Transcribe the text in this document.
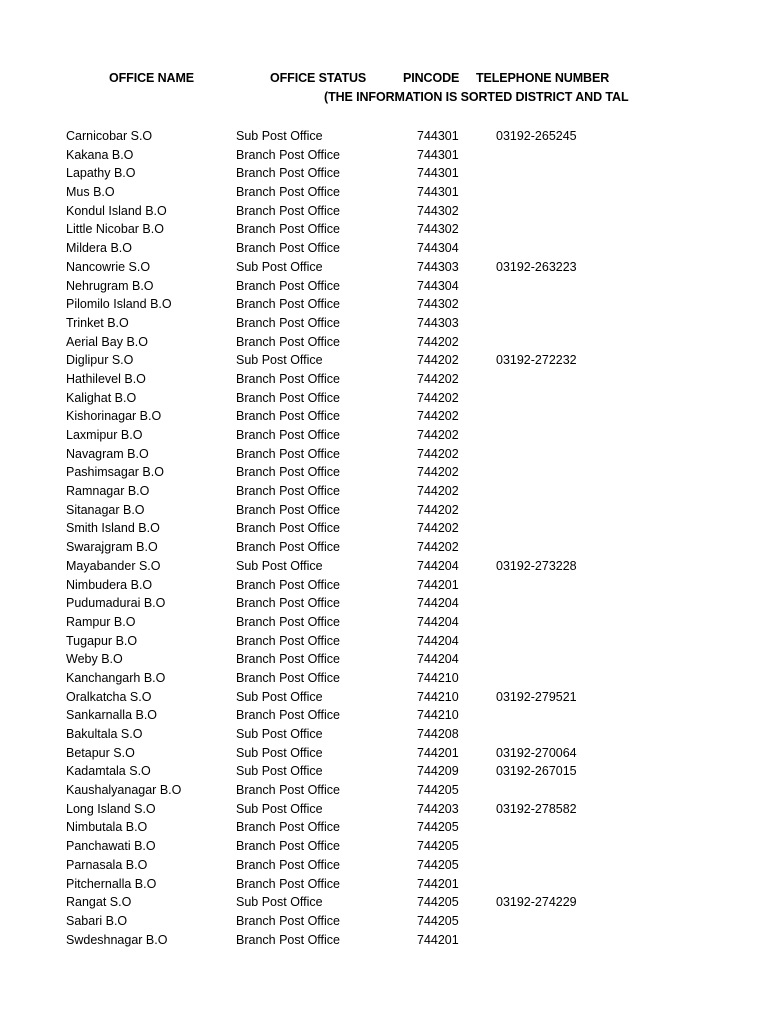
OFFICE NAME	OFFICE STATUS	PINCODE TELEPHONE NUMBER
(THE INFORMATION IS SORTED DISTRICT AND TAL
Carnicobar S.O	Sub Post Office	744301	03192-265245
Kakana B.O	Branch Post Office	744301
Lapathy B.O	Branch Post Office	744301
Mus B.O	Branch Post Office	744301
Kondul Island B.O	Branch Post Office	744302
Little Nicobar B.O	Branch Post Office	744302
Mildera B.O	Branch Post Office	744304
Nancowrie S.O	Sub Post Office	744303	03192-263223
Nehrugram B.O	Branch Post Office	744304
Pilomilo Island B.O	Branch Post Office	744302
Trinket B.O	Branch Post Office	744303
Aerial Bay B.O	Branch Post Office	744202
Diglipur S.O	Sub Post Office	744202	03192-272232
Hathilevel B.O	Branch Post Office	744202
Kalighat B.O	Branch Post Office	744202
Kishorinagar B.O	Branch Post Office	744202
Laxmipur B.O	Branch Post Office	744202
Navagram B.O	Branch Post Office	744202
Pashimsagar B.O	Branch Post Office	744202
Ramnagar B.O	Branch Post Office	744202
Sitanagar B.O	Branch Post Office	744202
Smith Island B.O	Branch Post Office	744202
Swarajgram B.O	Branch Post Office	744202
Mayabander S.O	Sub Post Office	744204	03192-273228
Nimbudera B.O	Branch Post Office	744201
Pudumadurai B.O	Branch Post Office	744204
Rampur B.O	Branch Post Office	744204
Tugapur B.O	Branch Post Office	744204
Weby B.O	Branch Post Office	744204
Kanchangarh B.O	Branch Post Office	744210
Oralkatcha S.O	Sub Post Office	744210	03192-279521
Sankarnalla B.O	Branch Post Office	744210
Bakultala S.O	Sub Post Office	744208
Betapur S.O	Sub Post Office	744201	03192-270064
Kadamtala S.O	Sub Post Office	744209	03192-267015
Kaushalyanagar B.O	Branch Post Office	744205
Long Island S.O	Sub Post Office	744203	03192-278582
Nimbutala B.O	Branch Post Office	744205
Panchawati B.O	Branch Post Office	744205
Parnasala B.O	Branch Post Office	744205
Pitchernalla B.O	Branch Post Office	744201
Rangat S.O	Sub Post Office	744205	03192-274229
Sabari B.O	Branch Post Office	744205
Swdeshnagar B.O	Branch Post Office	744201
